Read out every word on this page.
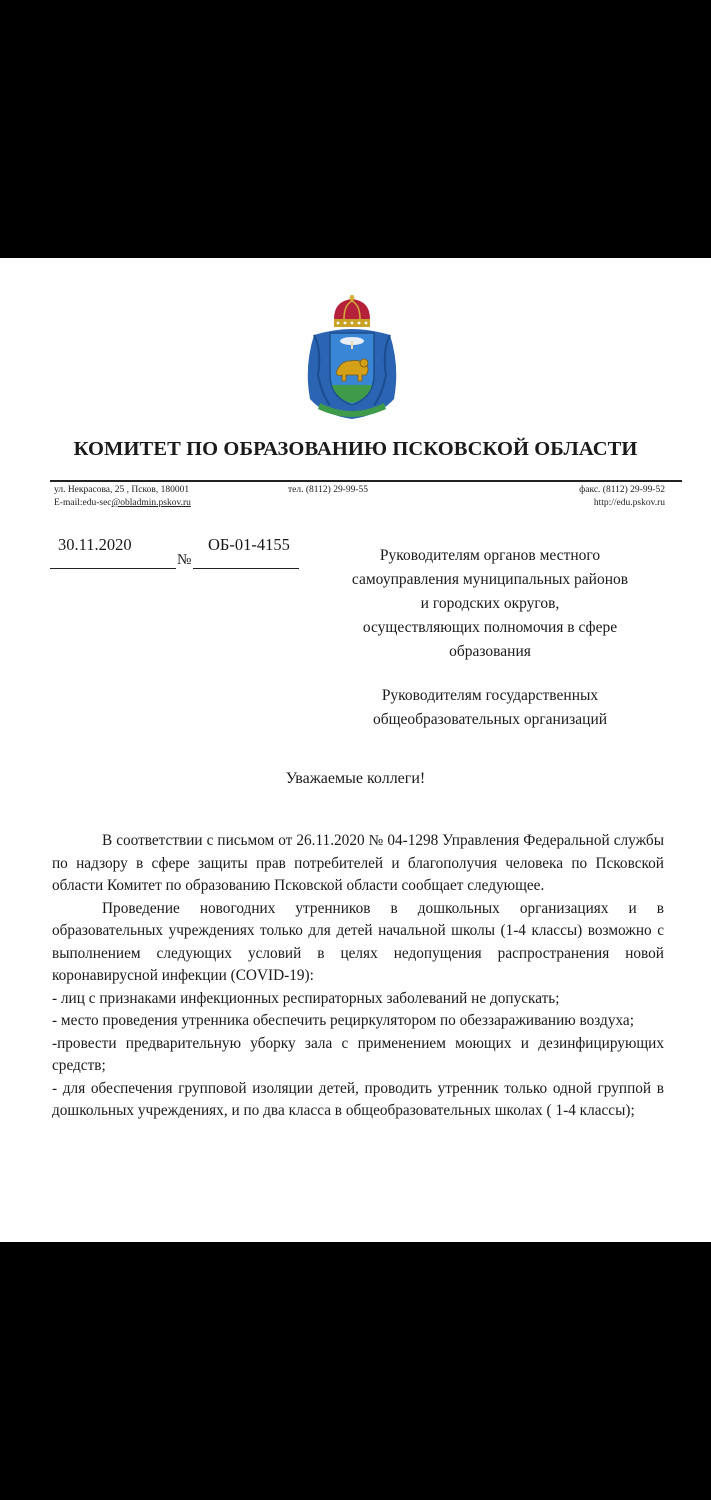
КОМИТЕТ ПО ОБРАЗОВАНИЮ ПСКОВСКОЙ ОБЛАСТИ
ул. Некрасова, 25 , Псков, 180001
E-mail:edu-sec@obladmin.pskov.ru
тел. (8112) 29-99-55	факс. (8112) 29-99-52
http://edu.pskov.ru
30.11.2020
№
ОБ-01-4155
Руководителям органов местного
самоуправления муниципальных районов
и городских округов,
осуществляющих полномочия в сфере
образования
Руководителям государственных
общеобразовательных организаций
Уважаемые коллеги!

В соответствии с письмом от 26.11.2020 № 04-1298 Управления Федеральной службы по надзору в сфере защиты прав потребителей и благополучия человека по Псковской области Комитет по образованию Псковской области сообщает следующее.

Проведение новогодних утренников в дошкольных организациях и в образовательных учреждениях только для детей начальной школы (1-4 классы) возможно с выполнением следующих условий в целях недопущения распространения новой коронавирусной инфекции (COVID-19):

- лиц с признаками инфекционных респираторных заболеваний не допускать;

- место проведения утренника обеспечить рециркулятором по обеззараживанию воздуха;

-провести предварительную уборку зала с применением моющих и дезинфицирующих средств;

- для обеспечения групповой изоляции детей, проводить утренник только одной группой в дошкольных учреждениях, и по два класса в общеобразовательных школах ( 1-4 классы);
